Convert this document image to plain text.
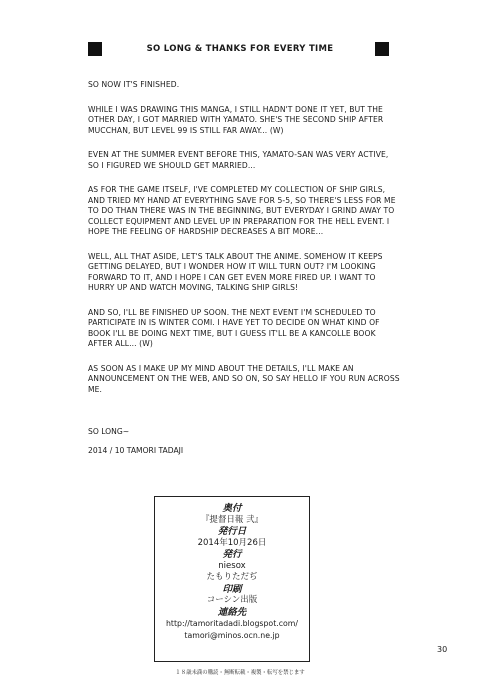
SO LONG & THANKS FOR EVERY TIME

SO NOW IT'S FINISHED.

WHILE I WAS DRAWING THIS MANGA, I STILL HADN'T DONE IT YET, BUT THE OTHER DAY, I GOT MARRIED WITH YAMATO. SHE'S THE SECOND SHIP AFTER MUCCHAN, BUT LEVEL 99 IS STILL FAR AWAY... (W)

EVEN AT THE SUMMER EVENT BEFORE THIS, YAMATO-SAN WAS VERY ACTIVE, SO I FIGURED WE SHOULD GET MARRIED...

AS FOR THE GAME ITSELF, I'VE COMPLETED MY COLLECTION OF SHIP GIRLS, AND TRIED MY HAND AT EVERYTHING SAVE FOR 5-5, SO THERE'S LESS FOR ME TO DO THAN THERE WAS IN THE BEGINNING, BUT EVERYDAY I GRIND AWAY TO COLLECT EQUIPMENT AND LEVEL UP IN PREPARATION FOR THE HELL EVENT. I HOPE THE FEELING OF HARDSHIP DECREASES A BIT MORE...

WELL, ALL THAT ASIDE, LET'S TALK ABOUT THE ANIME. SOMEHOW IT KEEPS GETTING DELAYED, BUT I WONDER HOW IT WILL TURN OUT? I'M LOOKING FORWARD TO IT, AND I HOPE I CAN GET EVEN MORE FIRED UP. I WANT TO HURRY UP AND WATCH MOVING, TALKING SHIP GIRLS!

AND SO, I'LL BE FINISHED UP SOON. THE NEXT EVENT I'M SCHEDULED TO PARTICIPATE IN IS WINTER COMI. I HAVE YET TO DECIDE ON WHAT KIND OF BOOK I'LL BE DOING NEXT TIME, BUT I GUESS IT'LL BE A KANCOLLE BOOK AFTER ALL... (W)

AS SOON AS I MAKE UP MY MIND ABOUT THE DETAILS, I'LL MAKE AN ANNOUNCEMENT ON THE WEB, AND SO ON, SO SAY HELLO IF YOU RUN ACROSS ME.

SO LONG~
2014 / 10 TAMORI TADAJI
奥付
『提督日報 弐』
発行日
2014年10月26日
発行
niesox
たもりただぢ
印刷
コーシン出版
連絡先
http://tamoritadadi.blogspot.com/
tamori@minos.ocn.ne.jp
１８歳未満の購読・無断転載・複製・転写を禁じます
30
